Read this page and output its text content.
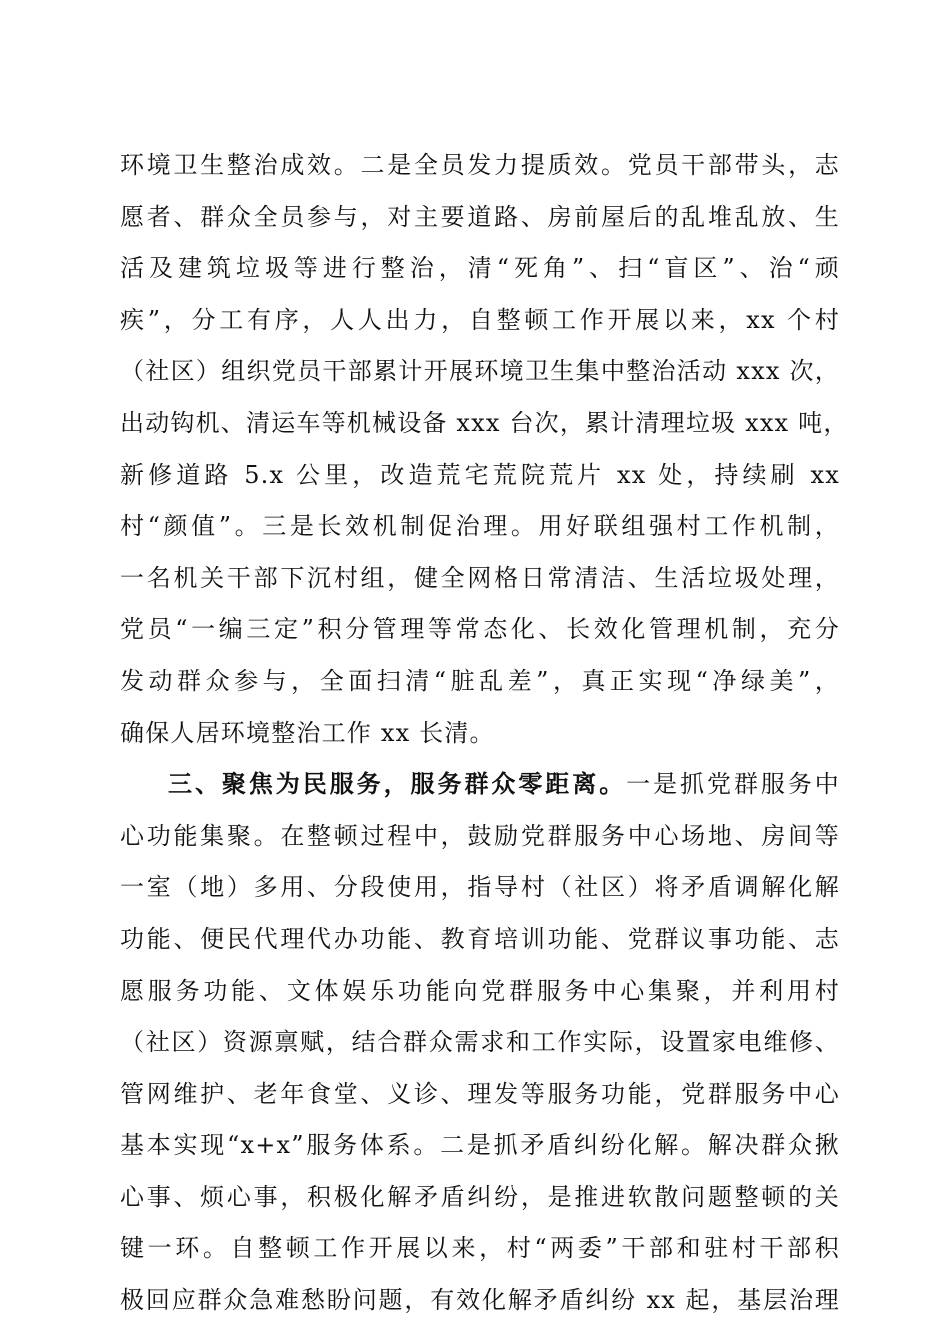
环境卫生整治成效。二是全员发力提质效。党员干部带头，志
愿者、群众全员参与，对主要道路、房前屋后的乱堆乱放、生
活及建筑垃圾等进行整治，清“死角”、扫“盲区”、治“顽
疾”，分工有序，人人出力，自整顿工作开展以来，xx 个村
（社区）组织党员干部累计开展环境卫生集中整治活动 xxx 次，
出动钩机、清运车等机械设备 xxx 台次，累计清理垃圾 xxx 吨，
新修道路 5.x 公里，改造荒宅荒院荒片 xx 处，持续刷 xx
村“颜值”。三是长效机制促治理。用好联组强村工作机制，
一名机关干部下沉村组，健全网格日常清洁、生活垃圾处理，
党员“一编三定”积分管理等常态化、长效化管理机制，充分
发动群众参与，全面扫清“脏乱差”，真正实现“净绿美”，
确保人居环境整治工作 xx 长清。
三、聚焦为民服务，服务群众零距离。一是抓党群服务中
心功能集聚。在整顿过程中，鼓励党群服务中心场地、房间等
一室（地）多用、分段使用，指导村（社区）将矛盾调解化解
功能、便民代理代办功能、教育培训功能、党群议事功能、志
愿服务功能、文体娱乐功能向党群服务中心集聚，并利用村
（社区）资源禀赋，结合群众需求和工作实际，设置家电维修、
管网维护、老年食堂、义诊、理发等服务功能，党群服务中心
基本实现“x+x”服务体系。二是抓矛盾纠纷化解。解决群众揪
心事、烦心事，积极化解矛盾纠纷，是推进软散问题整顿的关
键一环。自整顿工作开展以来，村“两委”干部和驻村干部积
极回应群众急难愁盼问题，有效化解矛盾纠纷 xx 起，基层治理
